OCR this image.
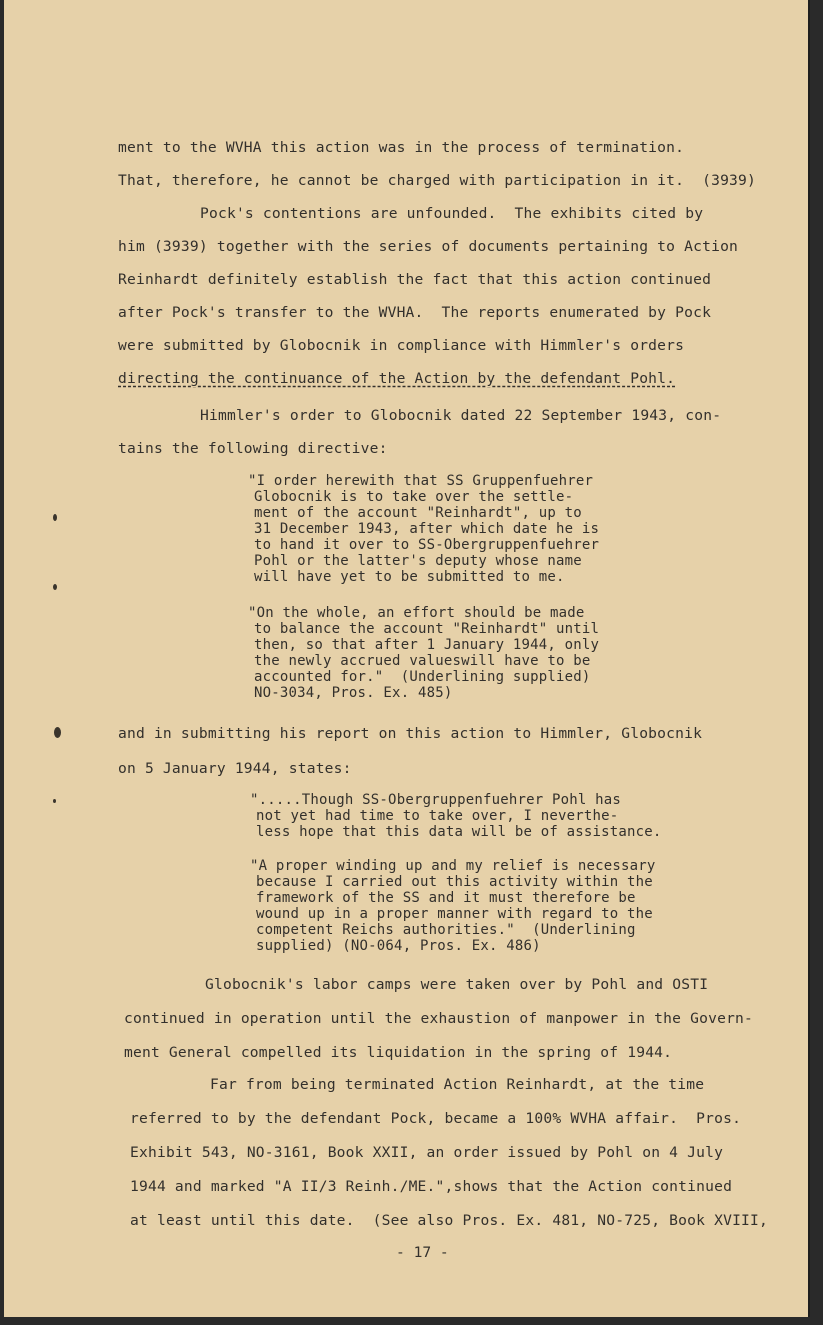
ment to the WVHA this action was in the process of termination.
That, therefore, he cannot be charged with participation in it.  (3939)
Pock's contentions are unfounded.  The exhibits cited by
him (3939) together with the series of documents pertaining to Action
Reinhardt definitely establish the fact that this action continued
after Pock's transfer to the WVHA.  The reports enumerated by Pock
were submitted by Globocnik in compliance with Himmler's orders
directing the continuance of the Action by the defendant Pohl.
Himmler's order to Globocnik dated 22 September 1943, con-
tains the following directive:
"I order herewith that SS Gruppenfuehrer
Globocnik is to take over the settle-
ment of the account "Reinhardt", up to
31 December 1943, after which date he is
to hand it over to SS-Obergruppenfuehrer
Pohl or the latter's deputy whose name
will have yet to be submitted to me.
"On the whole, an effort should be made
to balance the account "Reinhardt" until
then, so that after 1 January 1944, only
the newly accrued valueswill have to be
accounted for."  (Underlining supplied)
NO-3034, Pros. Ex. 485)
and in submitting his report on this action to Himmler, Globocnik
on 5 January 1944, states:
".....Though SS-Obergruppenfuehrer Pohl has
not yet had time to take over, I neverthe-
less hope that this data will be of assistance.
"A proper winding up and my relief is necessary
because I carried out this activity within the
framework of the SS and it must therefore be
wound up in a proper manner with regard to the
competent Reichs authorities."  (Underlining
supplied) (NO-064, Pros. Ex. 486)
Globocnik's labor camps were taken over by Pohl and OSTI
continued in operation until the exhaustion of manpower in the Govern-
ment General compelled its liquidation in the spring of 1944.
Far from being terminated Action Reinhardt, at the time
referred to by the defendant Pock, became a 100% WVHA affair.  Pros.
Exhibit 543, NO-3161, Book XXII, an order issued by Pohl on 4 July
1944 and marked "A II/3 Reinh./ME.",shows that the Action continued
at least until this date.  (See also Pros. Ex. 481, NO-725, Book XVIII,
- 17 -
